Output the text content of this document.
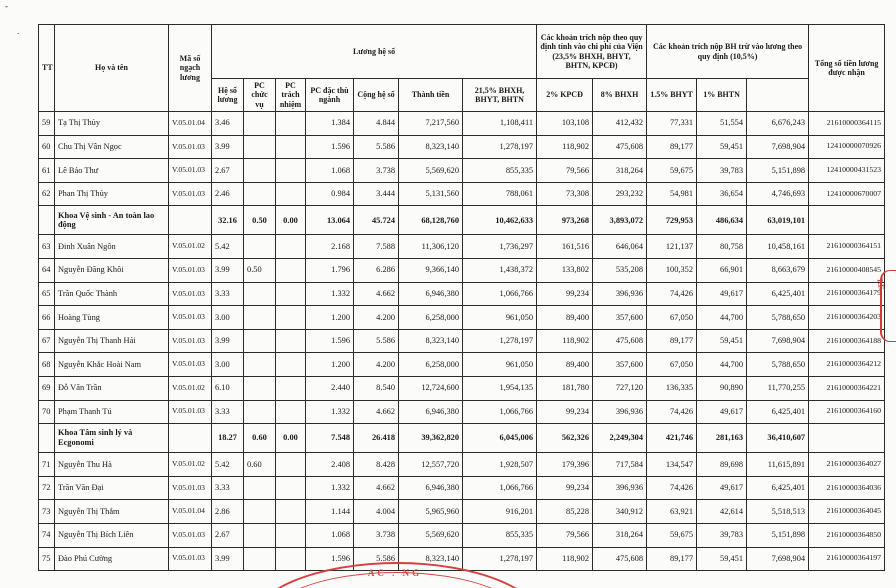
-
.
TT	Họ và tên	Mã số ngạch lương	Lương hệ số							Các khoản trích nộp theo quy định tính vào chi phí của Viện (23,5% BHXH, BHYT, BHTN, KPCĐ)		Các khoản trích nộp BH trừ vào lương theo quy định (10,5%)			Tổng số tiền lương được nhận	

			Hệ số lương	PC chức vụ	PC trách nhiệm	PC đặc thù ngành	Cộng hệ số	Thành tiền	21,5% BHXH, BHYT, BHTN	2% KPCĐ	8% BHXH	1.5% BHYT	1% BHTN			
59	Tạ Thị Thủy	V.05.01.04	3.46			1.384	4.844	7,217,560	1,108,411	103,108	412,432	77,331	51,554	6,676,243	21610000364115	
60	Chu Thị Vân Ngọc	V.05.01.03	3.99			1.596	5.586	8,323,140	1,278,197	118,902	475,608	89,177	59,451	7,698,904	12410000070926	
61	Lê Bảo Thư	V.05.01.03	2.67			1.068	3.738	5,569,620	855,335	79,566	318,264	59,675	39,783	5,151,898	12410000431523	
62	Phan Thị Thủy	V.05.01.03	2.46			0.984	3.444	5,131,560	788,061	73,308	293,232	54,981	36,654	4,746,693	12410000670007	
	Khoa Vệ sinh - An toàn lao động		32.16	0.50	0.00	13.064	45.724	68,128,760	10,462,633	973,268	3,893,072	729,953	486,634	63,019,101		
63	Đinh Xuân Ngôn	V.05.01.02	5.42			2.168	7.588	11,306,120	1,736,297	161,516	646,064	121,137	80,758	10,458,161	21610000364151	
64	Nguyễn Đăng Khôi	V.05.01.03	3.99	0.50		1.796	6.286	9,366,140	1,438,372	133,802	535,208	100,352	66,901	8,663,679	21610000408545	
65	Trần Quốc Thành	V.05.01.03	3.33			1.332	4.662	6,946,380	1,066,766	99,234	396,936	74,426	49,617	6,425,401	21610000364179	
66	Hoàng Tùng	V.05.01.03	3.00			1.200	4.200	6,258,000	961,050	89,400	357,600	67,050	44,700	5,788,650	21610000364203	
67	Nguyễn Thị Thanh Hải	V.05.01.03	3.99			1.596	5.586	8,323,140	1,278,197	118,902	475,608	89,177	59,451	7,698,904	21610000364188	
68	Nguyễn Khắc Hoài Nam	V.05.01.03	3.00			1.200	4.200	6,258,000	961,050	89,400	357,600	67,050	44,700	5,788,650	21610000364212	
69	Đỗ Văn Trần	V.05.01.02	6.10			2.440	8.540	12,724,600	1,954,135	181,780	727,120	136,335	90,890	11,770,255	21610000364221	
70	Phạm Thanh Tú	V.05.01.03	3.33			1.332	4.662	6,946,380	1,066,766	99,234	396,936	74,426	49,617	6,425,401	21610000364160	
	Khoa Tâm sinh lý và Ecgonomi		18.27	0.60	0.00	7.548	26.418	39,362,820	6,045,006	562,326	2,249,304	421,746	281,163	36,410,607		
71	Nguyễn Thu Hà	V.05.01.02	5.42	0.60		2.408	8.428	12,557,720	1,928,507	179,396	717,584	134,547	89,698	11,615,891	21610000364027	
72	Trần Văn Đại	V.05.01.03	3.33			1.332	4.662	6,946,380	1,066,766	99,234	396,936	74,426	49,617	6,425,401	21610000364036	
73	Nguyễn Thị Thắm	V.05.01.04	2.86			1.144	4.004	5,965,960	916,201	85,228	340,912	63,921	42,614	5,518,513	21610000364045	
74	Nguyễn Thị Bích Liên	V.05.01.03	2.67			1.068	3.738	5,569,620	855,335	79,566	318,264	59,675	39,783	5,151,898	21610000364850	
75	Đào Phú Cường	V.05.01.03	3.99			1.596	5.586	8,323,140	1,278,197	118,902	475,608	89,177	59,451	7,698,904	21610000364197	
T.E
AC . NG
